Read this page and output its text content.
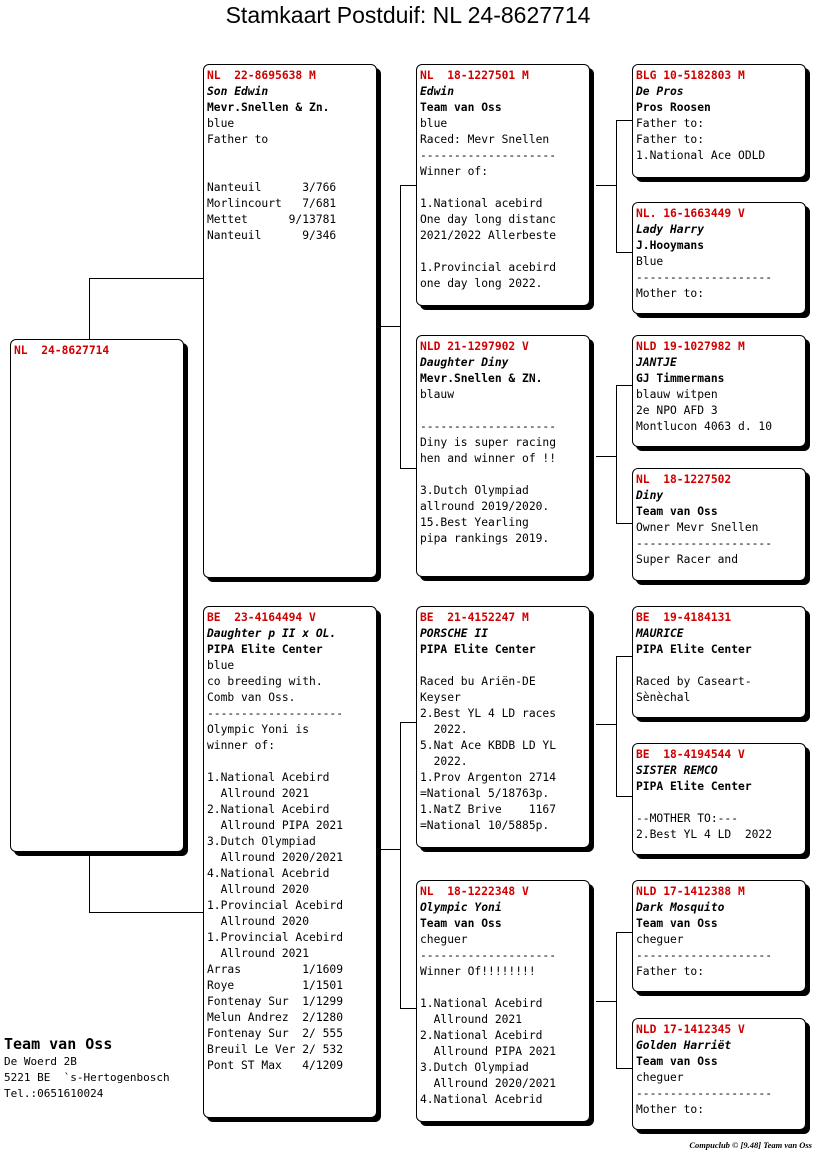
Stamkaart Postduif: NL 24-8627714
NL  24-8627714
NL  22-8695638 M
Son Edwin
Mevr.Snellen & Zn.
blue
Father to
Nanteuil      3/766
Morlincourt   7/681
Mettet      9/13781
Nanteuil      9/346
BE  23-4164494 V
Daughter p II x OL.
PIPA Elite Center
blue
co breeding with.
Comb van Oss.
--------------------
Olympic Yoni is
winner of:
1.National Acebird
Allround 2021
2.National Acebird
Allround PIPA 2021
3.Dutch Olympiad
Allround 2020/2021
4.National Acebrid
Allround 2020
1.Provincial Acebird
Allround 2020
1.Provincial Acebird
Allround 2021
Arras         1/1609
Roye          1/1501
Fontenay Sur  1/1299
Melun Andrez  2/1280
Fontenay Sur  2/ 555
Breuil Le Ver 2/ 532
Pont ST Max   4/1209
NL  18-1227501 M
Edwin
Team van Oss
blue
Raced: Mevr Snellen
--------------------
Winner of:
1.National acebird
One day long distanc
2021/2022 Allerbeste
1.Provincial acebird
one day long 2022.
NLD 21-1297902 V
Daughter Diny
Mevr.Snellen & ZN.
blauw
--------------------
Diny is super racing
hen and winner of !!
3.Dutch Olympiad
allround 2019/2020.
15.Best Yearling
pipa rankings 2019.
BE  21-4152247 M
PORSCHE II
PIPA Elite Center
Raced bu Ariën-DE
Keyser
2.Best YL 4 LD races
2022.
5.Nat Ace KBDB LD YL
2022.
1.Prov Argenton 2714
=National 5/18763p.
1.NatZ Brive    1167
=National 10/5885p.
NL  18-1222348 V
Olympic Yoni
Team van Oss
cheguer
--------------------
Winner Of!!!!!!!!
1.National Acebird
Allround 2021
2.National Acebird
Allround PIPA 2021
3.Dutch Olympiad
Allround 2020/2021
4.National Acebrid
BLG 10-5182803 M
De Pros
Pros Roosen
Father to:
Father to:
1.National Ace ODLD
NL. 16-1663449 V
Lady Harry
J.Hooymans
Blue
--------------------
Mother to:
NLD 19-1027982 M
JANTJE
GJ Timmermans
blauw witpen
2e NPO AFD 3
Montlucon 4063 d. 10
NL  18-1227502
Diny
Team van Oss
Owner Mevr Snellen
--------------------
Super Racer and
BE  19-4184131
MAURICE
PIPA Elite Center
Raced by Caseart-
Sènèchal
BE  18-4194544 V
SISTER REMCO
PIPA Elite Center
--MOTHER TO:---
2.Best YL 4 LD  2022
NLD 17-1412388 M
Dark Mosquito
Team van Oss
cheguer
--------------------
Father to:
NLD 17-1412345 V
Golden Harriët
Team van Oss
cheguer
--------------------
Mother to:
Team van Oss
De Woerd 2B
5221 BE  `s-Hertogenbosch
Tel.:0651610024
Compuclub © [9.48] Team van Oss
